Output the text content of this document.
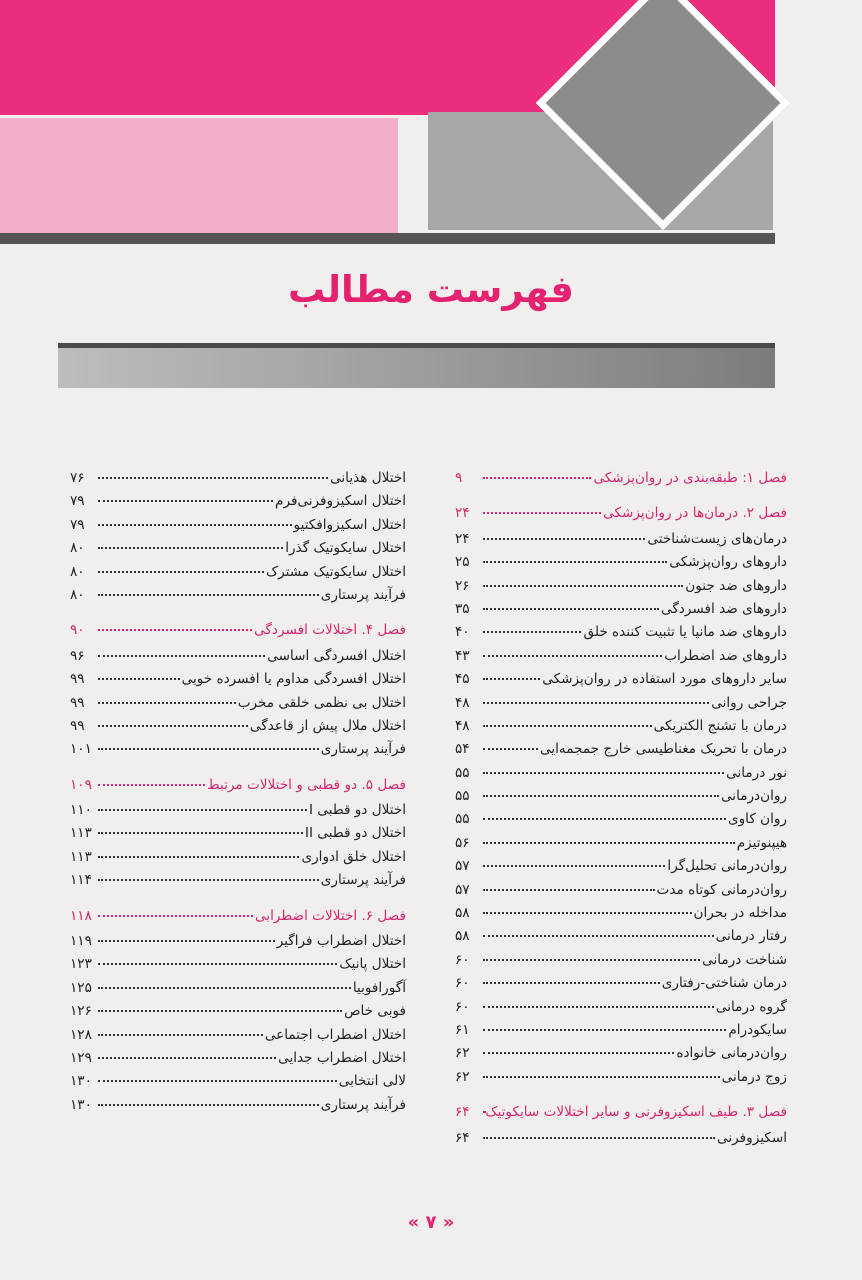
فهرست مطالب
فصل ۱: طبقه‌بندی در روان‌پزشکی
۹
فصل ۲. درمان‌ها در روان‌پزشکی
۲۴
درمان‌های زیست‌شناختی
۲۴
داروهای روان‌پزشکی
۲۵
داروهای ضد جنون
۲۶
داروهای ضد افسردگی
۳۵
داروهای ضد مانیا یا تثبیت کننده خلق
۴۰
داروهای ضد اضطراب
۴۳
سایر داروهای مورد استفاده در روان‌پزشکی
۴۵
جراحی روانی
۴۸
درمان با تشنج الکتریکی
۴۸
درمان با تحریک مغناطیسی خارج جمجمه‌ایی
۵۴
نور درمانی
۵۵
روان‌درمانی
۵۵
روان کاوی
۵۵
هیپنوتیزم
۵۶
روان‌درمانی تحلیل‌گرا
۵۷
روان‌درمانی کوتاه مدت
۵۷
مداخله در بحران
۵۸
رفتار درمانی
۵۸
شناخت درمانی
۶۰
درمان شناختی-رفتاری
۶۰
گروه درمانی
۶۰
سایکودرام
۶۱
روان‌درمانی خانواده
۶۲
زوج درمانی
۶۲
فصل ۳. طیف اسکیزوفرنی و سایر اختلالات سایکوتیک
۶۴
اسکیزوفرنی
۶۴
اختلال هذیانی
۷۶
اختلال اسکیزوفرنی‌فرم
۷۹
اختلال اسکیزوافکتیو
۷۹
اختلال سایکوتیک گذرا
۸۰
اختلال سایکوتیک مشترک
۸۰
فرآیند پرستاری
۸۰
فصل ۴. اختلالات افسردگی
۹۰
اختلال افسردگی اساسی
۹۶
اختلال افسردگی مداوم یا افسرده خویی
۹۹
اختلال بی نظمی خلقی مخرب
۹۹
اختلال ملال پیش از قاعدگی
۹۹
فرآیند پرستاری
۱۰۱
فصل ۵. دو قطبی و اختلالات مرتبط
۱۰۹
اختلال دو قطبی I
۱۱۰
اختلال دو قطبی II
۱۱۳
اختلال خلق ادواری
۱۱۳
فرآیند پرستاری
۱۱۴
فصل ۶. اختلالات اضطرابی
۱۱۸
اختلال اضطراب فراگیر
۱۱۹
اختلال پانیک
۱۲۳
آگورافوبیا
۱۲۵
فوبی خاص
۱۲۶
اختلال اضطراب اجتماعی
۱۲۸
اختلال اضطراب جدایی
۱۲۹
لالی انتخابی
۱۳۰
فرآیند پرستاری
۱۳۰
« ۷ »
